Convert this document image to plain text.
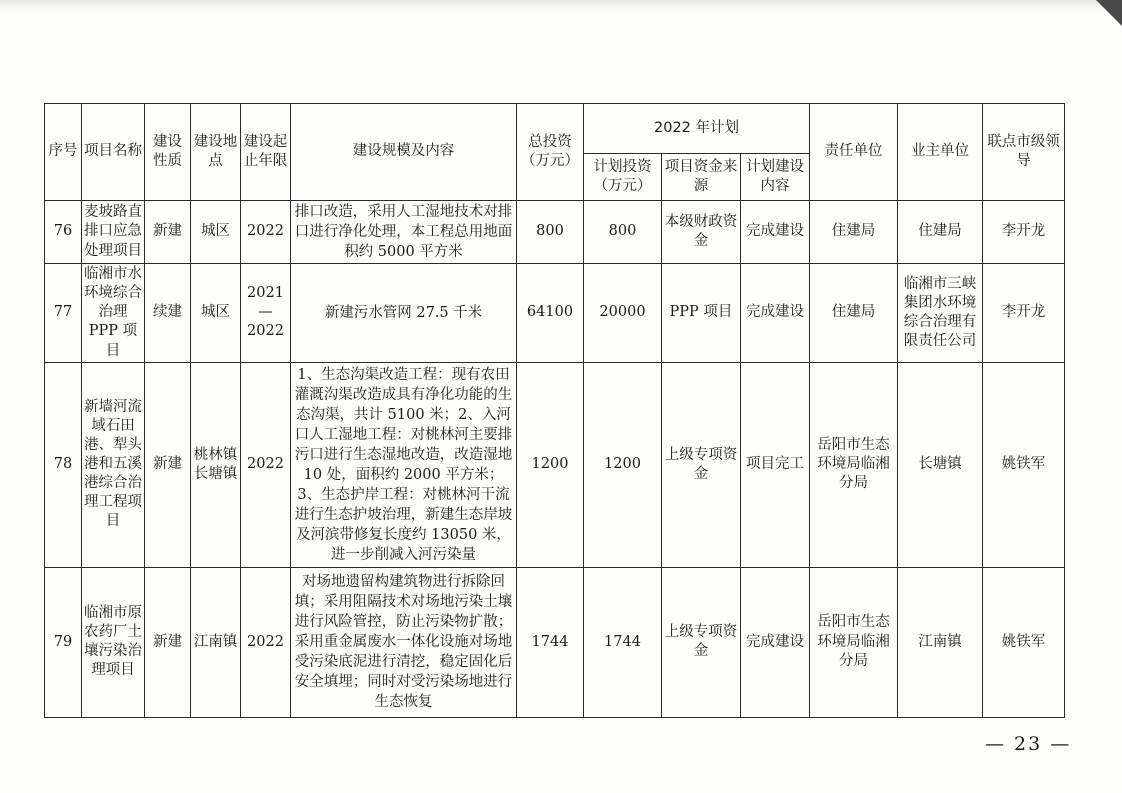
序号	项目名称	建设性质	建设地点	建设起止年限	建设规模及内容	总投资（万元）	2022 年计划			责任单位	业主单位	联点市级领导
							计划投资（万元）	项目资金来源	计划建设内容			
76	麦坡路直排口应急处理项目	新建	城区	2022	排口改造，采用人工湿地技术对排口进行净化处理，本工程总用地面积约 5000 平方米	800	800	本级财政资金	完成建设	住建局	住建局	李开龙
77	临湘市水环境综合治理 PPP 项目	续建	城区	2021—2022	新建污水管网 27.5 千米	64100	20000	PPP 项目	完成建设	住建局	临湘市三峡集团水环境综合治理有限责任公司	李开龙
78	新墙河流域石田港、犁头港和五溪港综合治理工程项目	新建	桃林镇长塘镇	2022	1、生态沟渠改造工程：现有农田灌溉沟渠改造成具有净化功能的生态沟渠，共计 5100 米；2、入河口人工湿地工程：对桃林河主要排污口进行生态湿地改造，改造湿地 10 处，面积约 2000 平方米；3、生态护岸工程：对桃林河干流进行生态护坡治理，新建生态岸坡及河滨带修复长度约 13050 米，进一步削减入河污染量	1200	1200	上级专项资金	项目完工	岳阳市生态环境局临湘分局	长塘镇	姚铁军
79	临湘市原农药厂土壤污染治理项目	新建	江南镇	2022	对场地遗留构建筑物进行拆除回填；采用阻隔技术对场地污染土壤进行风险管控，防止污染物扩散；采用重金属废水一体化设施对场地受污染底泥进行清挖，稳定固化后安全填埋；同时对受污染场地进行生态恢复	1744	1744	上级专项资金	完成建设	岳阳市生态环境局临湘分局	江南镇	姚铁军
— 23 —
